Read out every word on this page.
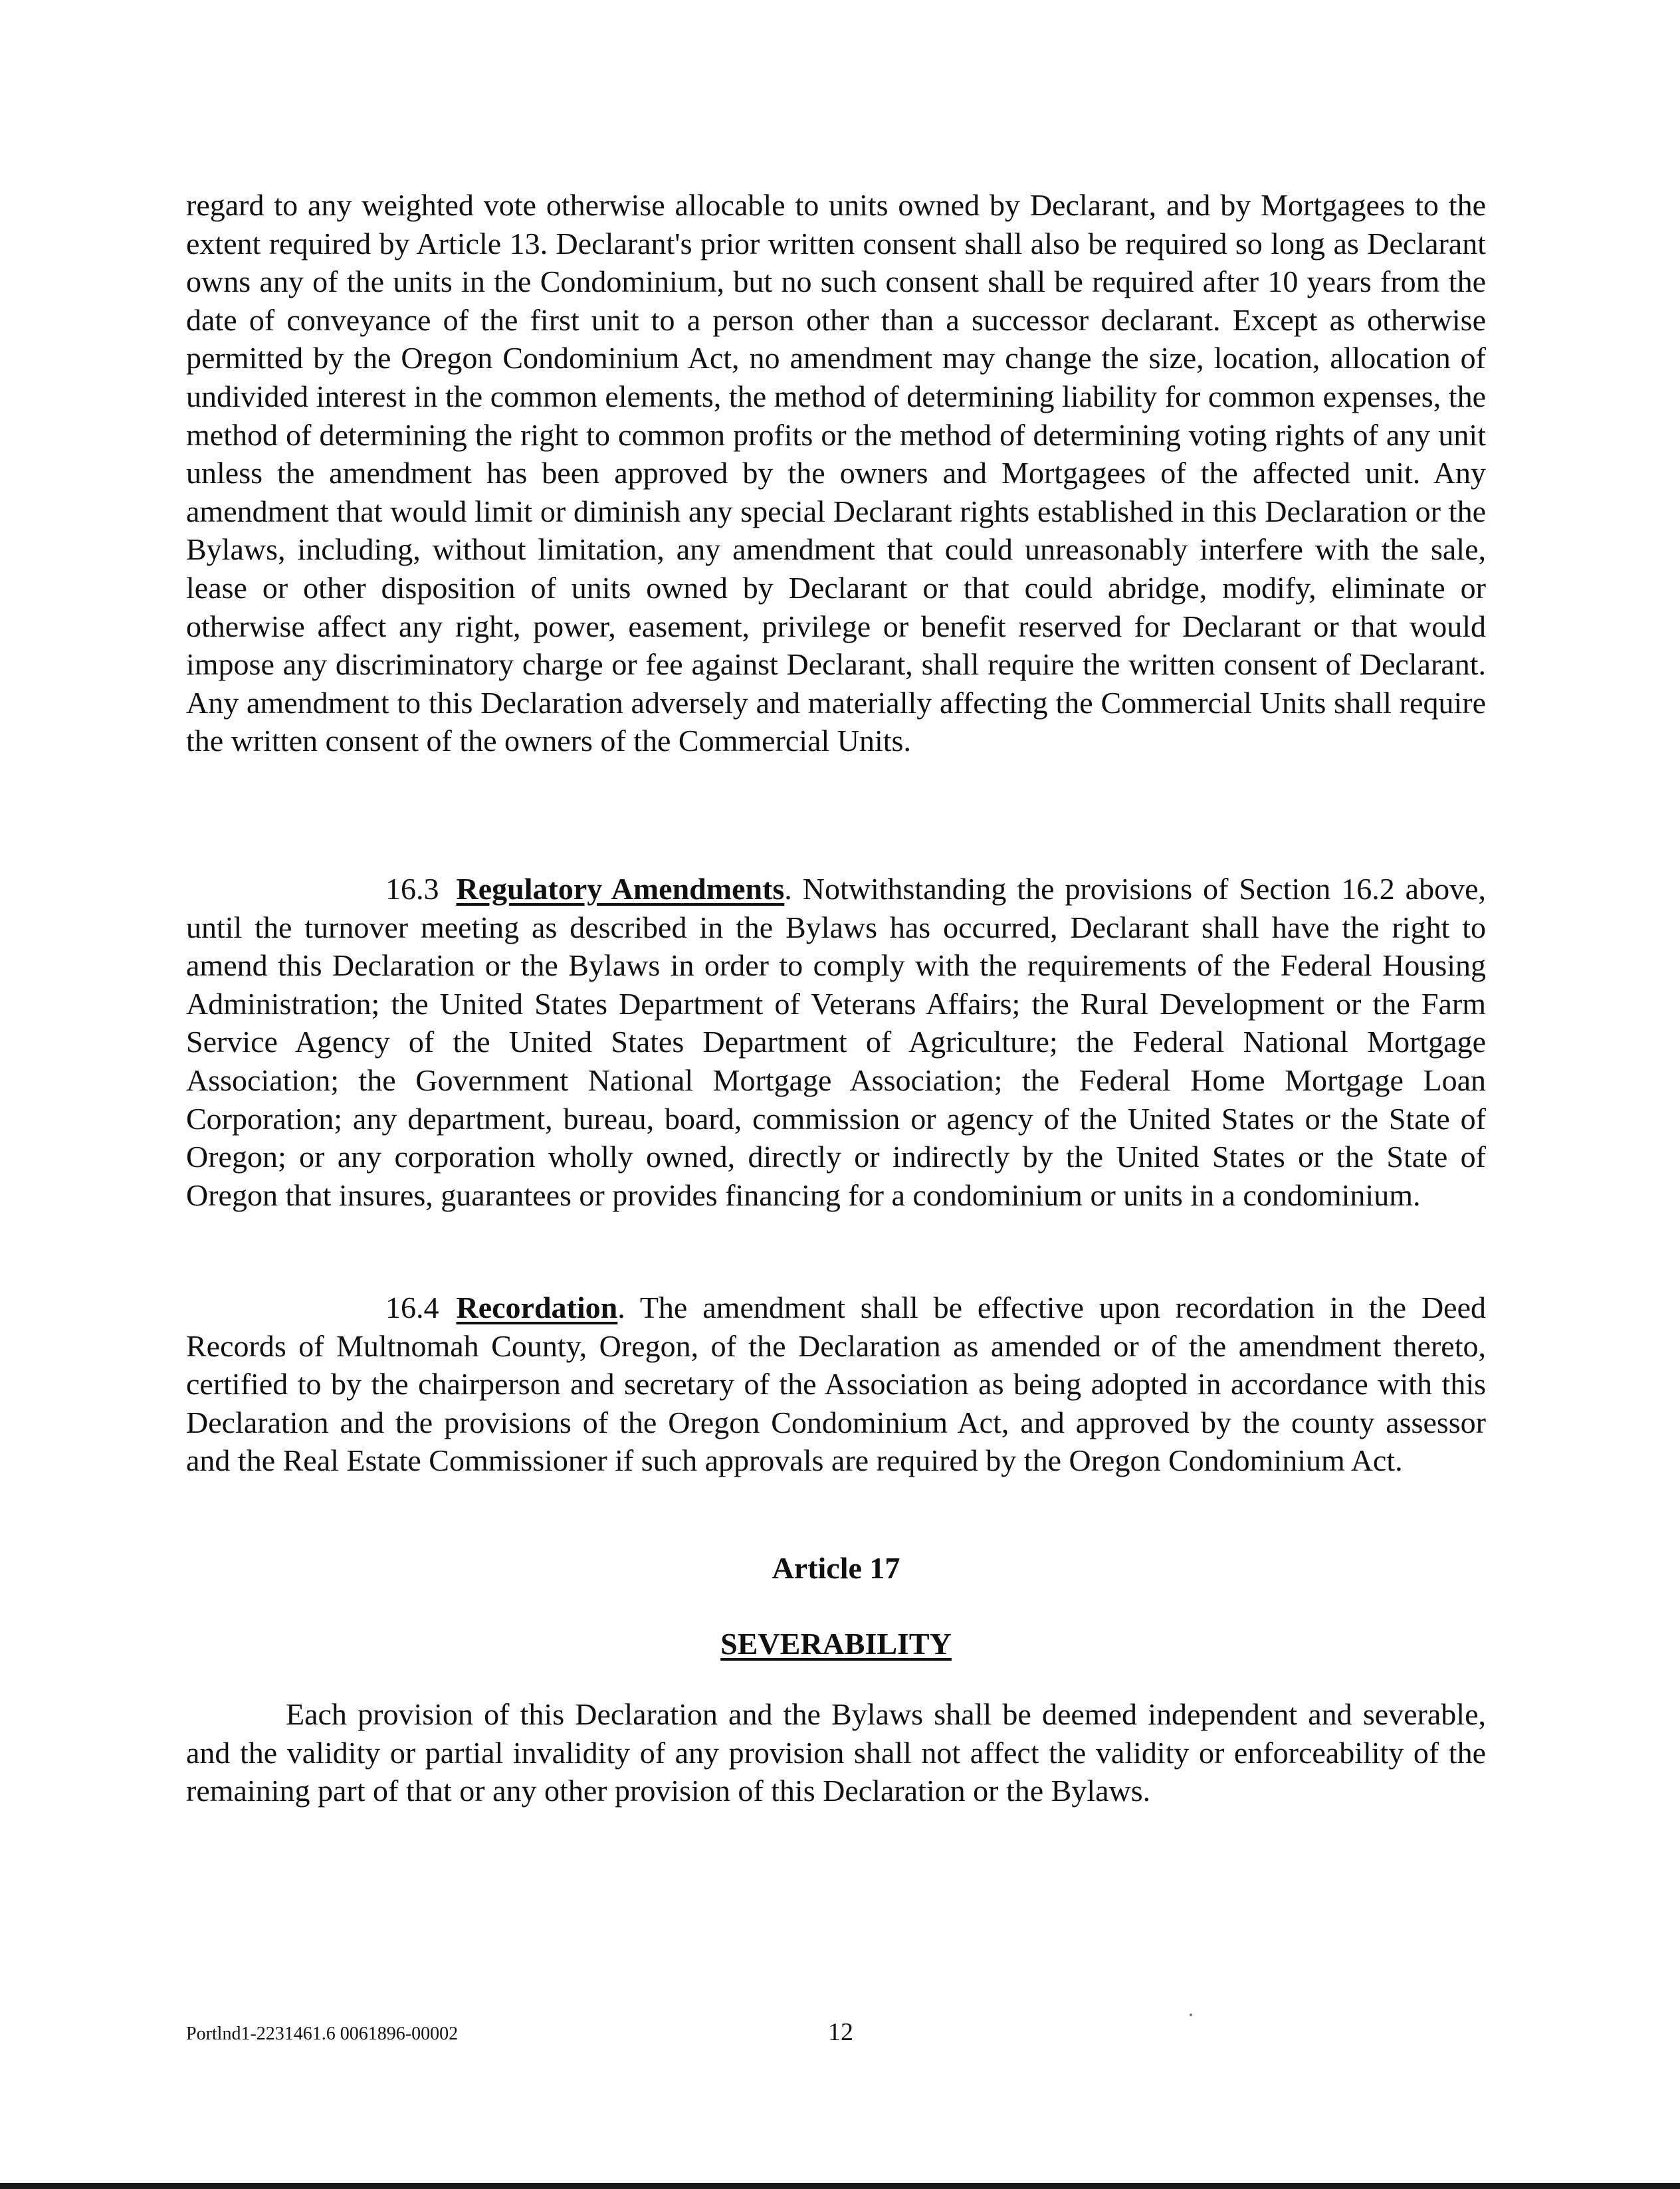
regard to any weighted vote otherwise allocable to units owned by Declarant, and by Mortgagees to the extent required by Article 13. Declarant's prior written consent shall also be required so long as Declarant owns any of the units in the Condominium, but no such consent shall be required after 10 years from the date of conveyance of the first unit to a person other than a successor declarant. Except as otherwise permitted by the Oregon Condominium Act, no amendment may change the size, location, allocation of undivided interest in the common elements, the method of determining liability for common expenses, the method of determining the right to common profits or the method of determining voting rights of any unit unless the amendment has been approved by the owners and Mortgagees of the affected unit. Any amendment that would limit or diminish any special Declarant rights established in this Declaration or the Bylaws, including, without limitation, any amendment that could unreasonably interfere with the sale, lease or other disposition of units owned by Declarant or that could abridge, modify, eliminate or otherwise affect any right, power, easement, privilege or benefit reserved for Declarant or that would impose any discriminatory charge or fee against Declarant, shall require the written consent of Declarant. Any amendment to this Declaration adversely and materially affecting the Commercial Units shall require the written consent of the owners of the Commercial Units.

16.3 Regulatory Amendments. Notwithstanding the provisions of Section 16.2 above, until the turnover meeting as described in the Bylaws has occurred, Declarant shall have the right to amend this Declaration or the Bylaws in order to comply with the requirements of the Federal Housing Administration; the United States Department of Veterans Affairs; the Rural Development or the Farm Service Agency of the United States Department of Agriculture; the Federal National Mortgage Association; the Government National Mortgage Association; the Federal Home Mortgage Loan Corporation; any department, bureau, board, commission or agency of the United States or the State of Oregon; or any corporation wholly owned, directly or indirectly by the United States or the State of Oregon that insures, guarantees or provides financing for a condominium or units in a condominium.

16.4 Recordation. The amendment shall be effective upon recordation in the Deed Records of Multnomah County, Oregon, of the Declaration as amended or of the amendment thereto, certified to by the chairperson and secretary of the Association as being adopted in accordance with this Declaration and the provisions of the Oregon Condominium Act, and approved by the county assessor and the Real Estate Commissioner if such approvals are required by the Oregon Condominium Act.

Article 17
SEVERABILITY

Each provision of this Declaration and the Bylaws shall be deemed independent and severable, and the validity or partial invalidity of any provision shall not affect the validity or enforceability of the remaining part of that or any other provision of this Declaration or the Bylaws.

Portlnd1-2231461.6 0061896-00002	12
